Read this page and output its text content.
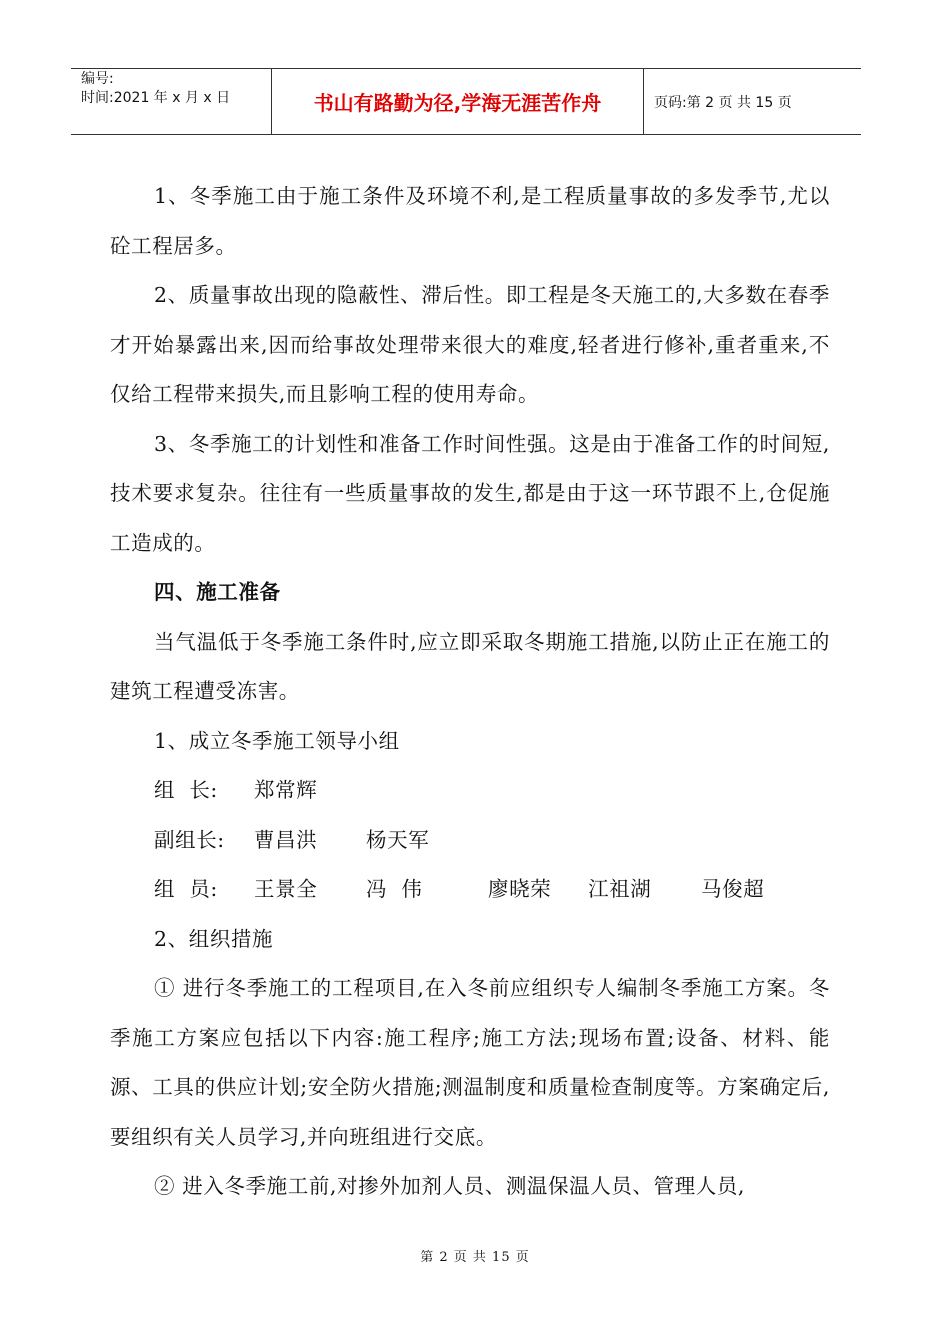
编号:
时间:2021 年 x 月 x 日	书山有路勤为径,学海无涯苦作舟	页码: 第 2 页 共 15 页

1、冬季施工由于施工条件及环境不利,是工程质量事故的多发季节,尤以砼工程居多。

2、质量事故出现的隐蔽性、滞后性。即工程是冬天施工的,大多数在春季才开始暴露出来,因而给事故处理带来很大的难度,轻者进行修补,重者重来,不仅给工程带来损失,而且影响工程的使用寿命。

3、冬季施工的计划性和准备工作时间性强。这是由于准备工作的时间短,技术要求复杂。往往有一些质量事故的发生,都是由于这一环节跟不上,仓促施工造成的。

四、施工准备

当气温低于冬季施工条件时,应立即采取冬期施工措施,以防止正在施工的建筑工程遭受冻害。

1、成立冬季施工领导小组

组  长:	郑常辉
副组长:	曹昌洪	杨天军
组  员:	王景全	冯  伟	廖晓荣	江祖湖	马俊超

2、组织措施

① 进行冬季施工的工程项目,在入冬前应组织专人编制冬季施工方案。冬季施工方案应包括以下内容:施工程序;施工方法;现场布置;设备、材料、能源、工具的供应计划;安全防火措施;测温制度和质量检查制度等。方案确定后,要组织有关人员学习,并向班组进行交底。

② 进入冬季施工前,对掺外加剂人员、测温保温人员、管理人员,

第 2 页 共 15 页
